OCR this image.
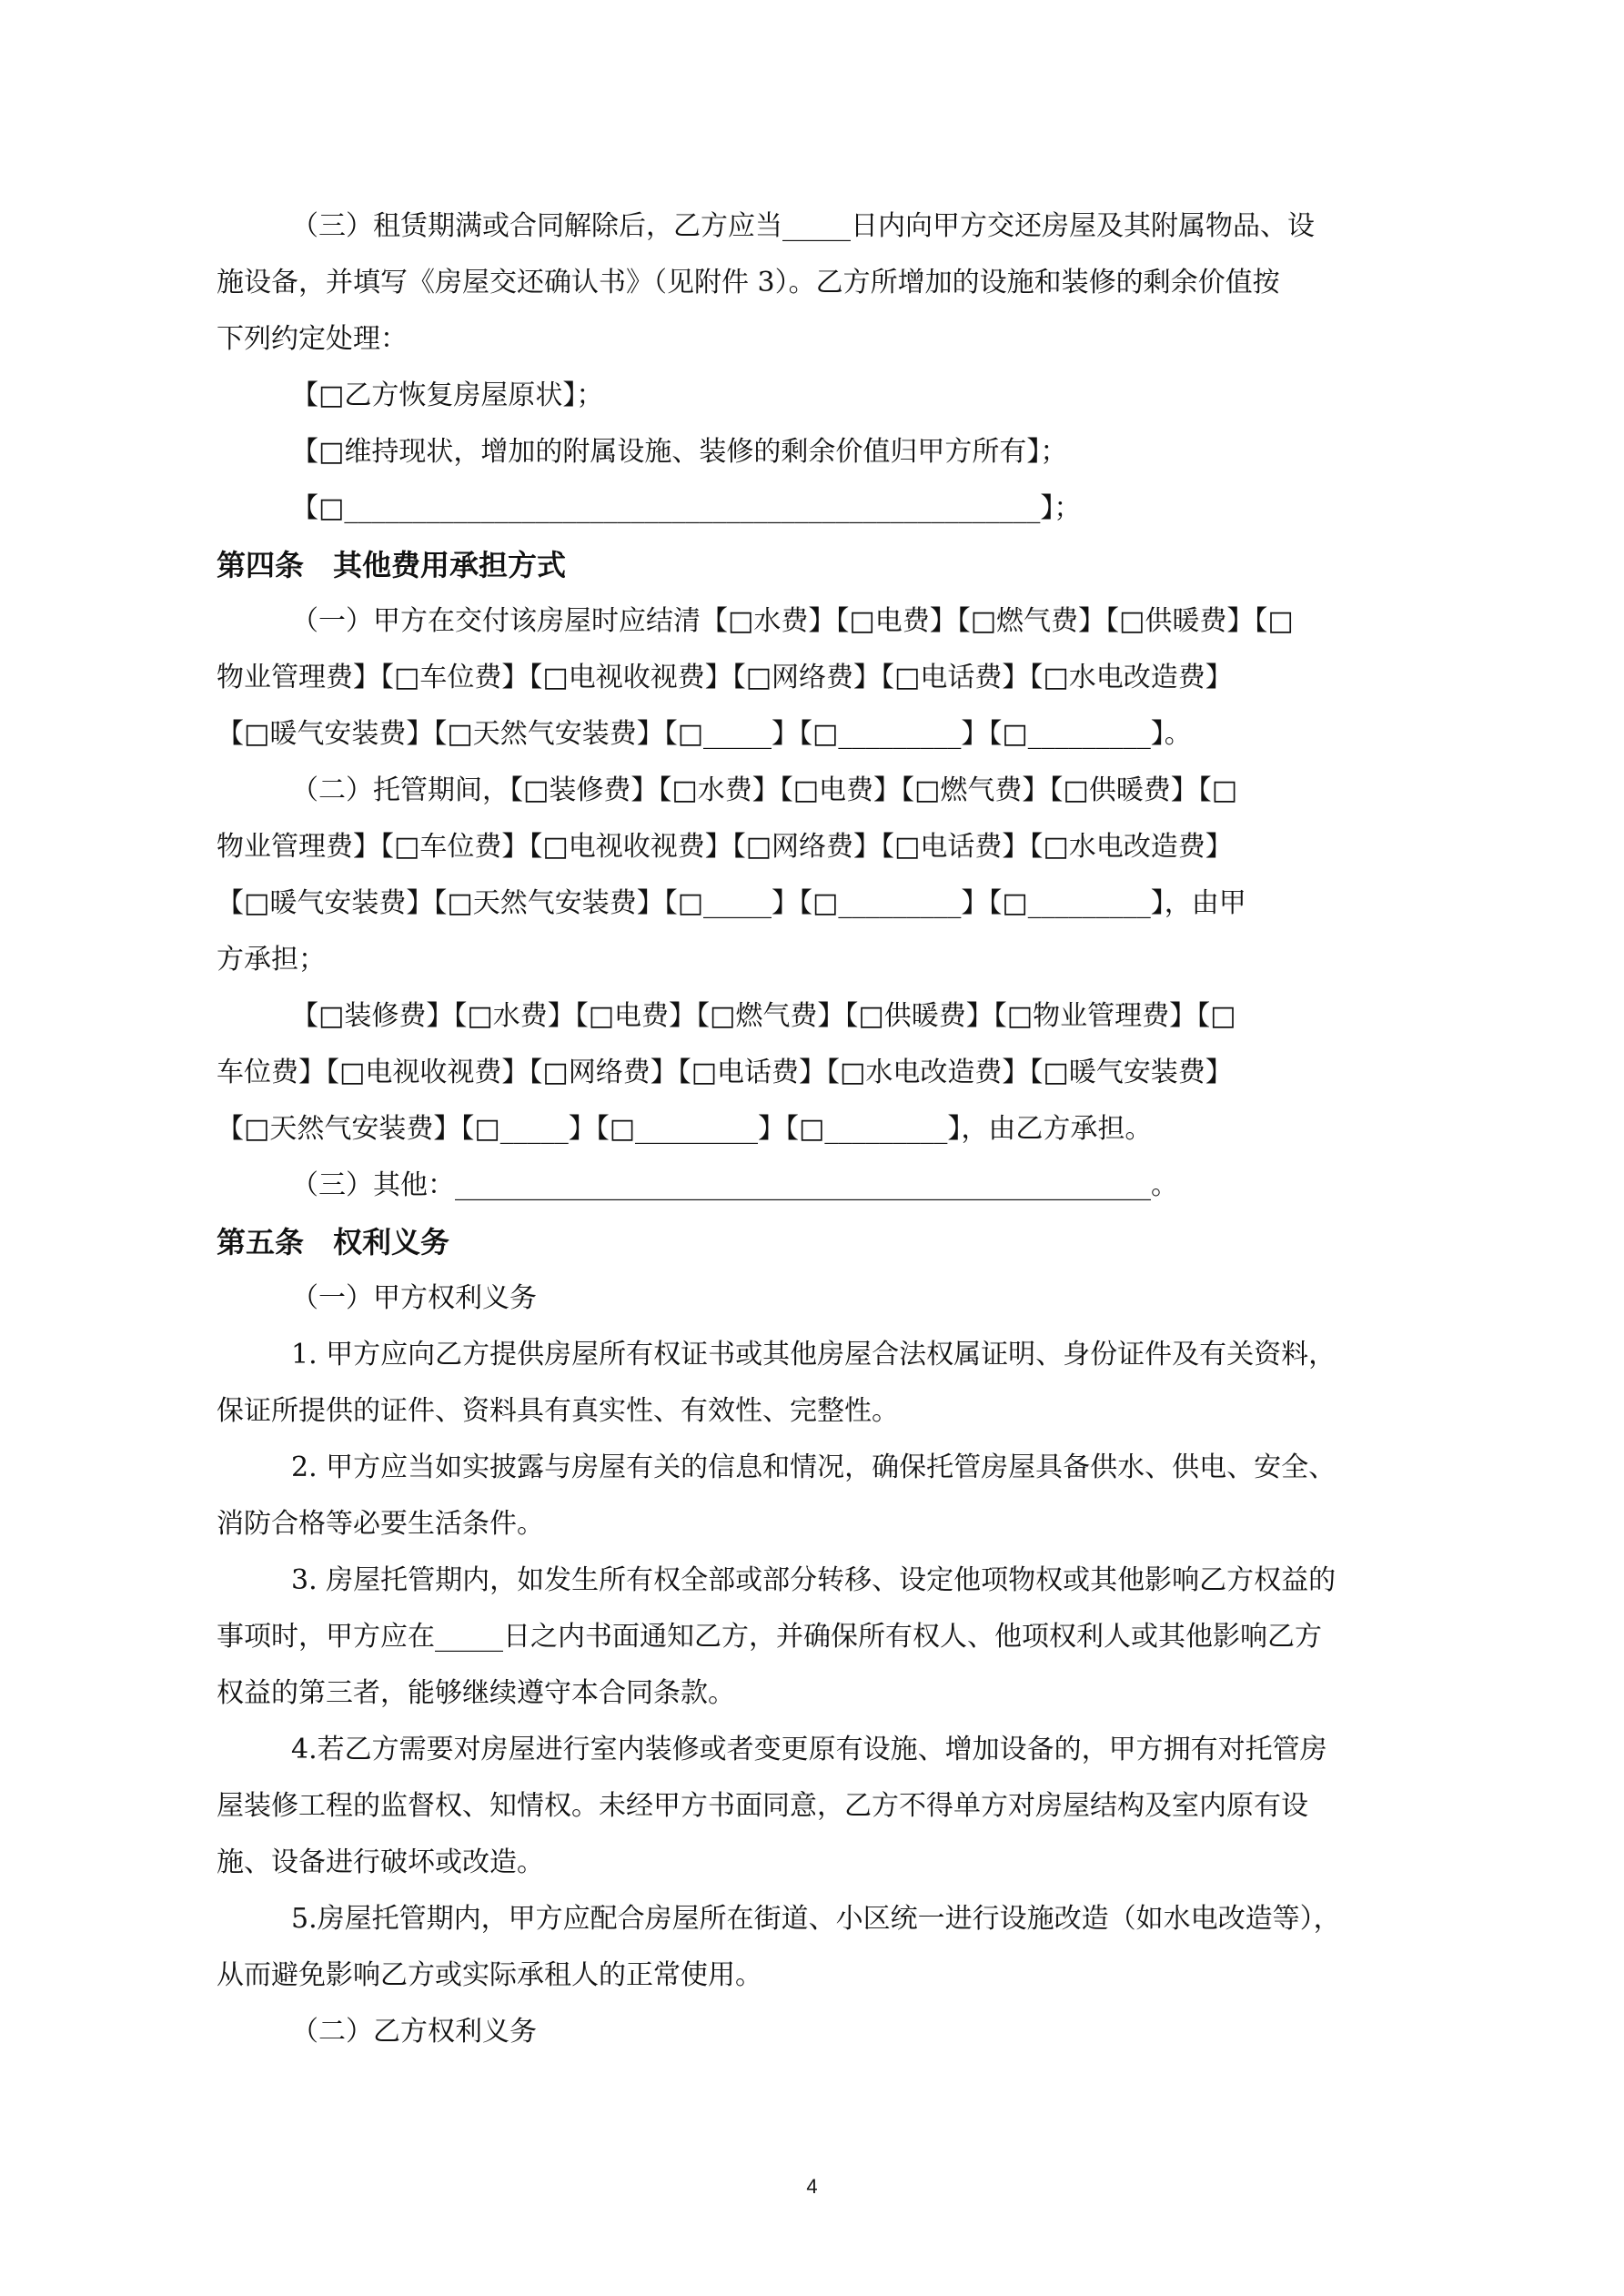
（三）租赁期满或合同解除后，乙方应当_____日内向甲方交还房屋及其附属物品、设
施设备，并填写《房屋交还确认书》（见附件 3）。乙方所增加的设施和装修的剩余价值按
下列约定处理：
【□乙方恢复房屋原状】；
【□维持现状，增加的附属设施、装修的剩余价值归甲方所有】；
【□___________________________________________________】；
第四条　其他费用承担方式
（一）甲方在交付该房屋时应结清【□水费】【□电费】【□燃气费】【□供暖费】【□
物业管理费】【□车位费】【□电视收视费】【□网络费】【□电话费】【□水电改造费】
【□暖气安装费】【□天然气安装费】【□_____】【□_________】【□_________】。
（二）托管期间，【□装修费】【□水费】【□电费】【□燃气费】【□供暖费】【□
物业管理费】【□车位费】【□电视收视费】【□网络费】【□电话费】【□水电改造费】
【□暖气安装费】【□天然气安装费】【□_____】【□_________】【□_________】，由甲
方承担；
【□装修费】【□水费】【□电费】【□燃气费】【□供暖费】【□物业管理费】【□
车位费】【□电视收视费】【□网络费】【□电话费】【□水电改造费】【□暖气安装费】
【□天然气安装费】【□_____】【□_________】【□_________】，由乙方承担。
（三）其他：___________________________________________________。
第五条　权利义务
（一）甲方权利义务
1. 甲方应向乙方提供房屋所有权证书或其他房屋合法权属证明、身份证件及有关资料，
保证所提供的证件、资料具有真实性、有效性、完整性。
2. 甲方应当如实披露与房屋有关的信息和情况，确保托管房屋具备供水、供电、安全、
消防合格等必要生活条件。
3. 房屋托管期内，如发生所有权全部或部分转移、设定他项物权或其他影响乙方权益的
事项时，甲方应在_____日之内书面通知乙方，并确保所有权人、他项权利人或其他影响乙方
权益的第三者，能够继续遵守本合同条款。
4.若乙方需要对房屋进行室内装修或者变更原有设施、增加设备的，甲方拥有对托管房
屋装修工程的监督权、知情权。未经甲方书面同意，乙方不得单方对房屋结构及室内原有设
施、设备进行破坏或改造。
5.房屋托管期内，甲方应配合房屋所在街道、小区统一进行设施改造（如水电改造等），
从而避免影响乙方或实际承租人的正常使用。
（二）乙方权利义务
4
